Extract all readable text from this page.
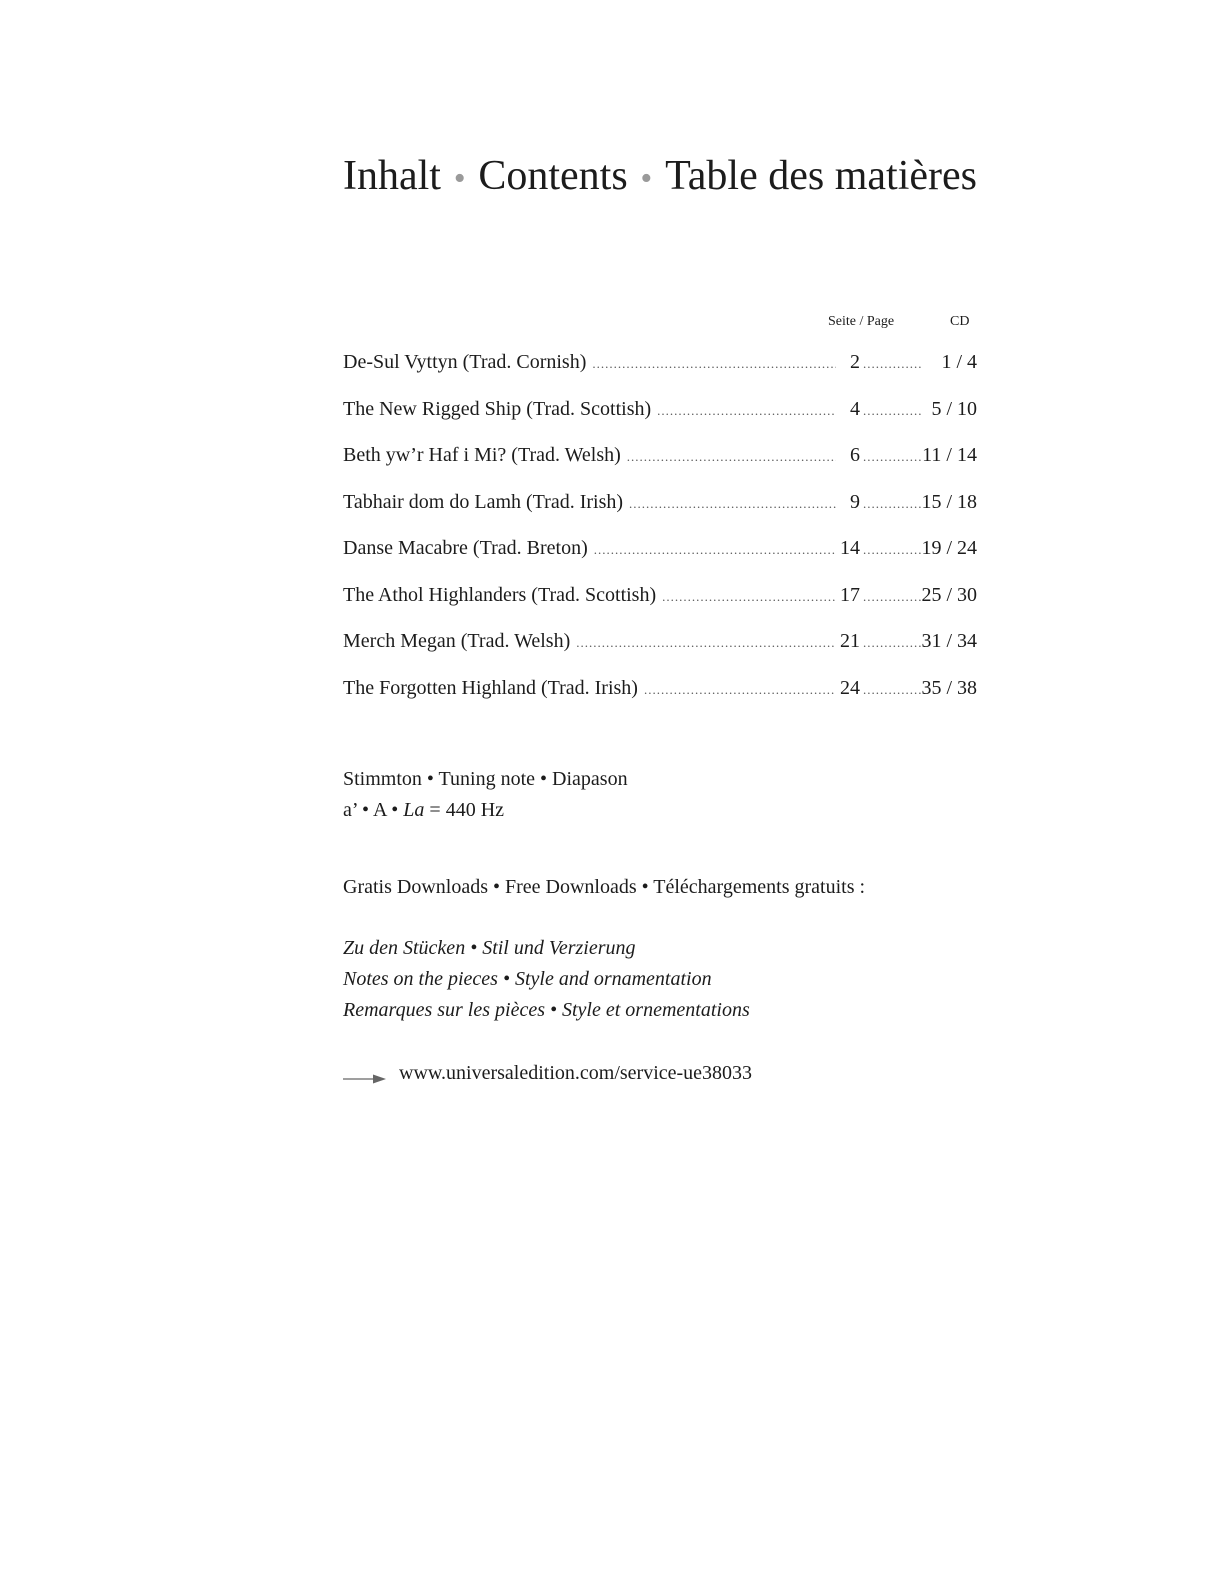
Inhalt • Contents • Table des matières
Seite / Page	CD
De-Sul Vyttyn (Trad. Cornish) .....	2 .....	1 / 4
The New Rigged Ship (Trad. Scottish) .....	4 .....	5 / 10
Beth yw’r Haf i Mi? (Trad. Welsh) .....	6 .....	11 / 14
Tabhair dom do Lamh (Trad. Irish) .....	9 .....	15 / 18
Danse Macabre (Trad. Breton) .....	14 .....	19 / 24
The Athol Highlanders (Trad. Scottish) .....	17 .....	25 / 30
Merch Megan (Trad. Welsh) .....	21 .....	31 / 34
The Forgotten Highland (Trad. Irish) .....	24 .....	35 / 38
Stimmton • Tuning note • Diapason
a’ • A • La = 440 Hz
Gratis Downloads • Free Downloads • Téléchargements gratuits :
Zu den Stücken • Stil und Verzierung
Notes on the pieces • Style and ornamentation
Remarques sur les pièces • Style et ornementations
www.universaledition.com/service-ue38033
